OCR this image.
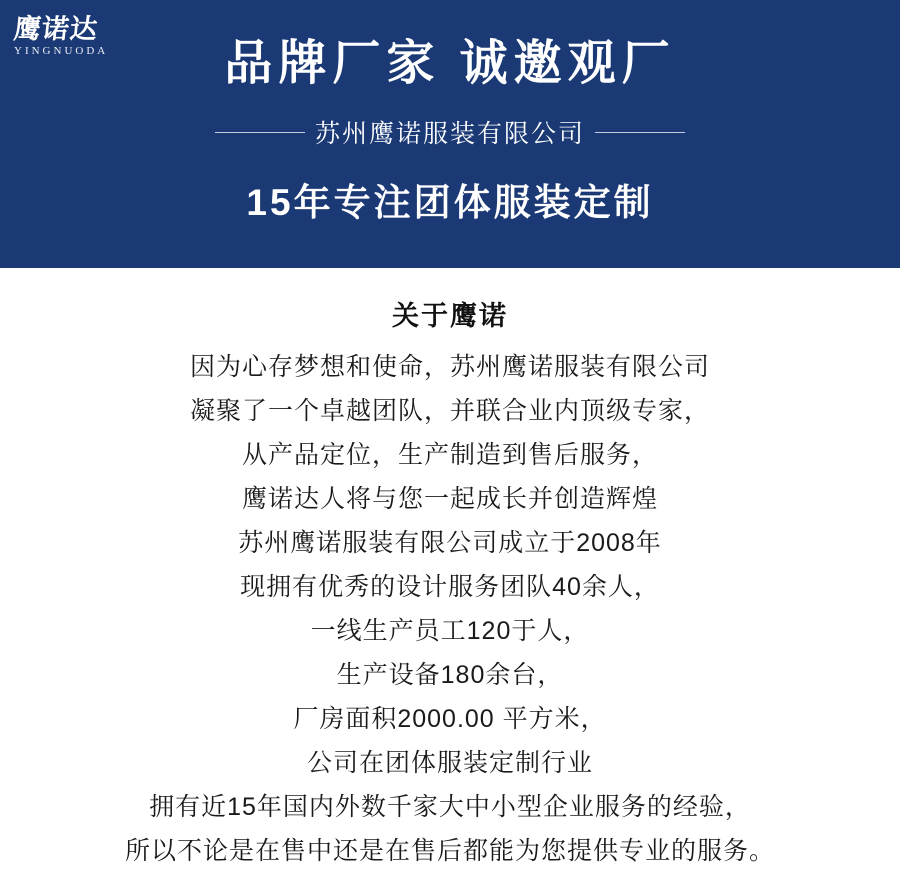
鹰诺达
YINGNUODA	品牌厂家 诚邀观厂
苏州鹰诺服装有限公司
15年专注团体服装定制
关于鹰诺
因为心存梦想和使命，苏州鹰诺服装有限公司
凝聚了一个卓越团队，并联合业内顶级专家，
从产品定位，生产制造到售后服务，
鹰诺达人将与您一起成长并创造辉煌
苏州鹰诺服装有限公司成立于2008年
现拥有优秀的设计服务团队40余人，
一线生产员工120于人，
生产设备180余台，
厂房面积2000.00 平方米，
公司在团体服装定制行业
拥有近15年国内外数千家大中小型企业服务的经验，
所以不论是在售中还是在售后都能为您提供专业的服务。
